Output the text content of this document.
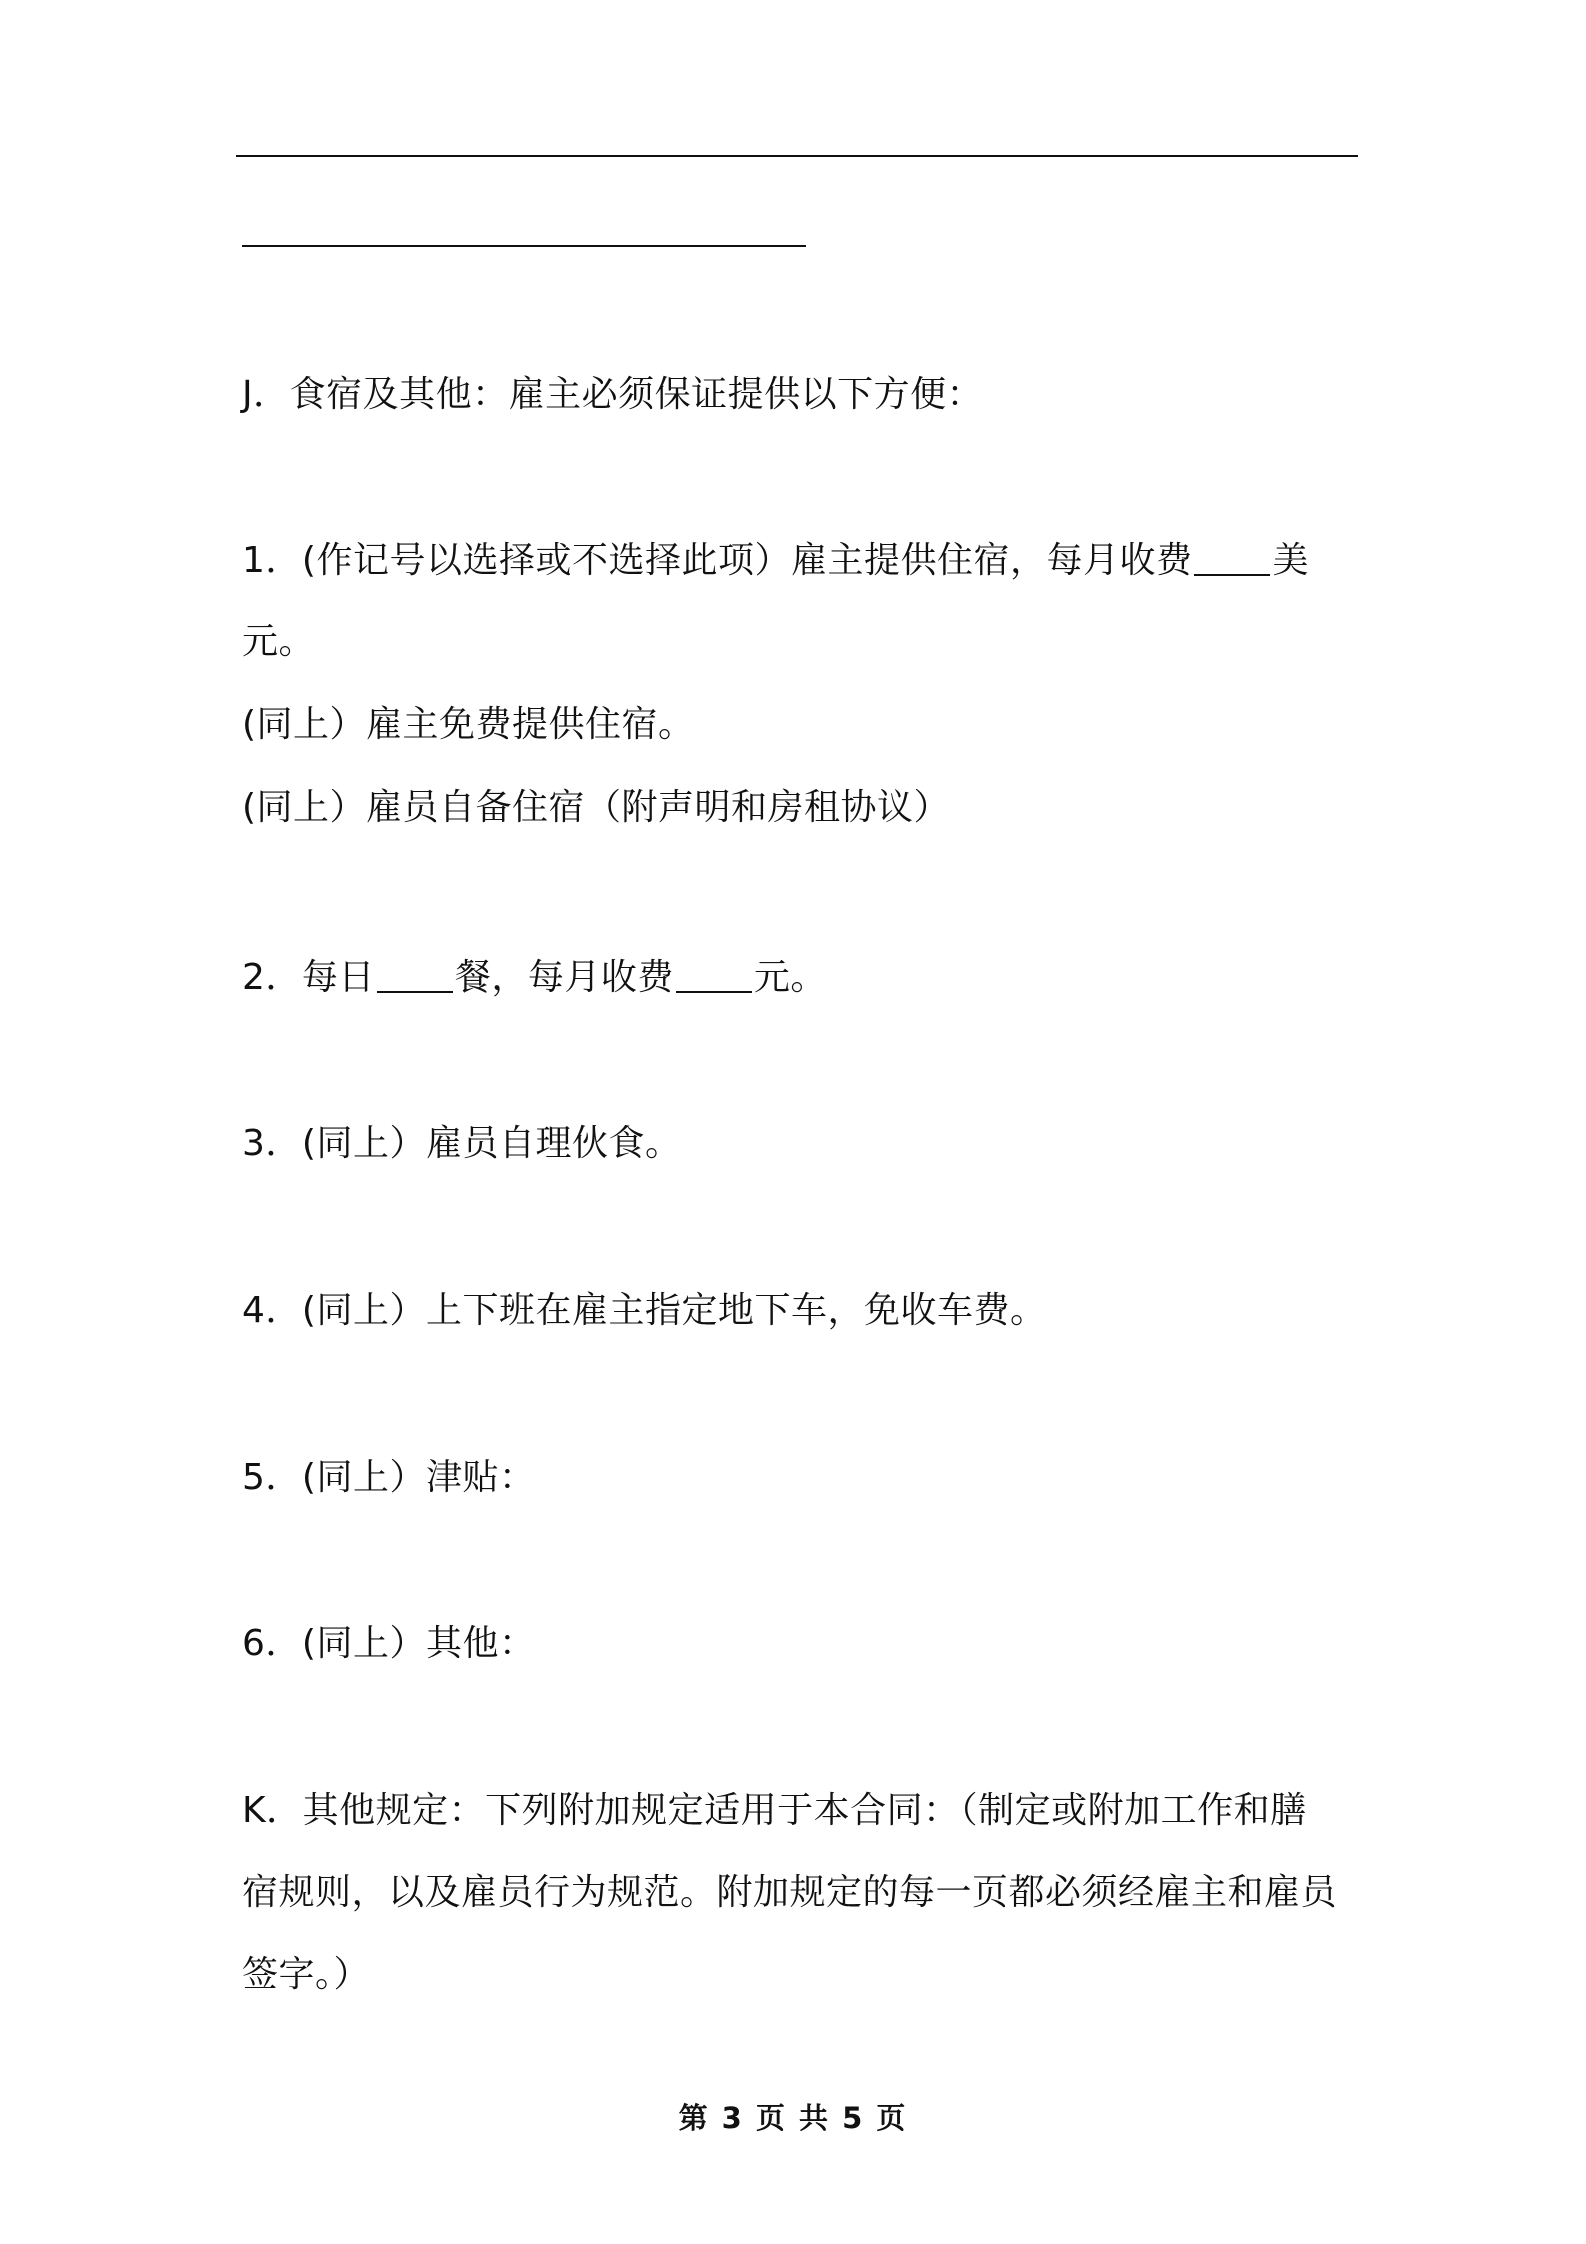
J．食宿及其他：雇主必须保证提供以下方便：
1．(作记号以选择或不选择此项）雇主提供住宿，每月收费 美
元。
(同上）雇主免费提供住宿。
(同上）雇员自备住宿（附声明和房租协议）
2．每日 餐，每月收费 元。
3．(同上）雇员自理伙食。
4．(同上）上下班在雇主指定地下车，免收车费。
5．(同上）津贴：
6．(同上）其他：
K．其他规定：下列附加规定适用于本合同：（制定或附加工作和膳
宿规则，以及雇员行为规范。附加规定的每一页都必须经雇主和雇员
签字。）
第 3 页 共 5 页
